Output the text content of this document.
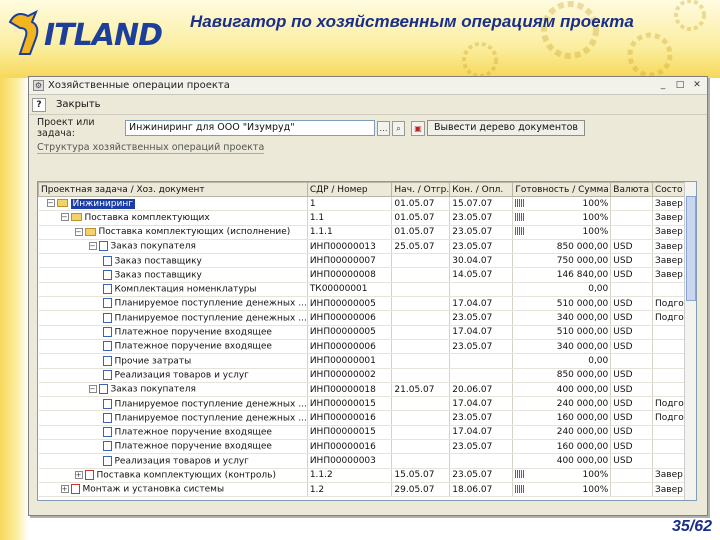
ITLAND Навигатор по хозяйственным операциям проекта
⚙ Хозяйственные операции проекта	_	□ ✕
?	Закрыть
Проект или задача:
Инжиниринг для ООО "Изумруд"	…	⌕	▣	Вывести дерево документов
Структура хозяйственных операций проекта
Проектная задача / Хоз. документ	СДР / Номер	Нач. / Отгр.	Кон. / Опл.	Готовность / Сумма	Валюта	Состо
− Инжиниринг	1	01.05.07	15.07.07	100%		Завер
− Поставка комплектующих	1.1	01.05.07	23.05.07	100%		Завер
− Поставка комплектующих (исполнение)	1.1.1	01.05.07	23.05.07	100%		Завер
− Заказ покупателя	ИНП00000013	25.05.07	23.05.07	850 000,00	USD	Завер
Заказ поставщику	ИНП00000007		30.04.07	750 000,00	USD	Завер
Заказ поставщику	ИНП00000008		14.05.07	146 840,00	USD	Завер
Комплектация номенклатуры	ТК00000001			0,00		
Планируемое поступление денежных ...	ИНП00000005		17.04.07	510 000,00	USD	Подго
Планируемое поступление денежных ...	ИНП00000006		23.05.07	340 000,00	USD	Подго
Платежное поручение входящее	ИНП00000005		17.04.07	510 000,00	USD	
Платежное поручение входящее	ИНП00000006		23.05.07	340 000,00	USD	
Прочие затраты	ИНП00000001			0,00		
Реализация товаров и услуг	ИНП00000002			850 000,00	USD	
− Заказ покупателя	ИНП00000018	21.05.07	20.06.07	400 000,00	USD	
Планируемое поступление денежных ...	ИНП00000015		17.04.07	240 000,00	USD	Подго
Планируемое поступление денежных ...	ИНП00000016		23.05.07	160 000,00	USD	Подго
Платежное поручение входящее	ИНП00000015		17.04.07	240 000,00	USD	
Платежное поручение входящее	ИНП00000016		23.05.07	160 000,00	USD	
Реализация товаров и услуг	ИНП00000003			400 000,00	USD	
+ Поставка комплектующих (контроль)	1.1.2	15.05.07	23.05.07	100%		Завер
+ Монтаж и установка системы	1.2	29.05.07	18.06.07	100%		Завер
35/62
